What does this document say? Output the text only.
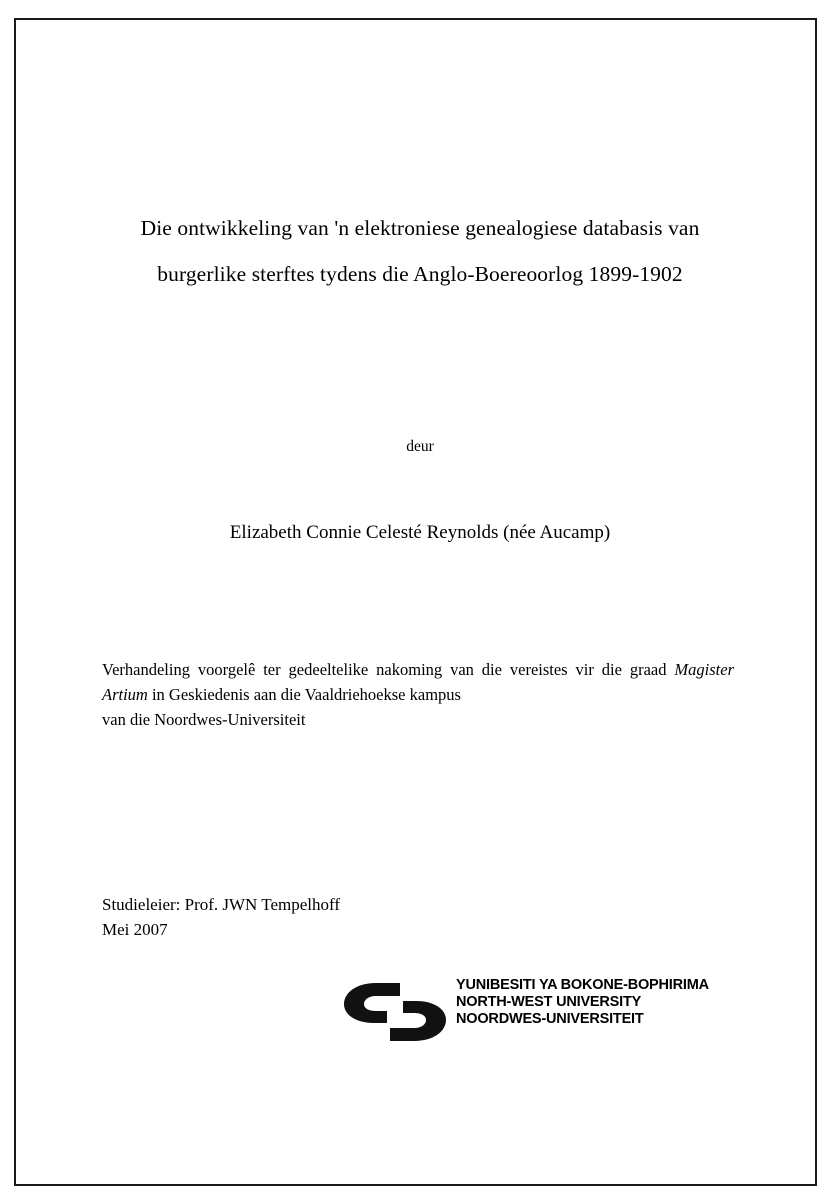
Die ontwikkeling van 'n elektroniese genealogiese databasis van
burgerlike sterftes tydens die Anglo-Boereoorlog 1899-1902
deur
Elizabeth Connie Celesté Reynolds (née Aucamp)
Verhandeling voorgelê ter gedeeltelike nakoming van die vereistes vir die graad Magister Artium in Geskiedenis aan die Vaaldriehoekse kampus
van die Noordwes-Universiteit
Studieleier: Prof. JWN Tempelhoff
Mei 2007
YUNIBESITI YA BOKONE-BOPHIRIMA
NORTH-WEST UNIVERSITY
NOORDWES-UNIVERSITEIT
